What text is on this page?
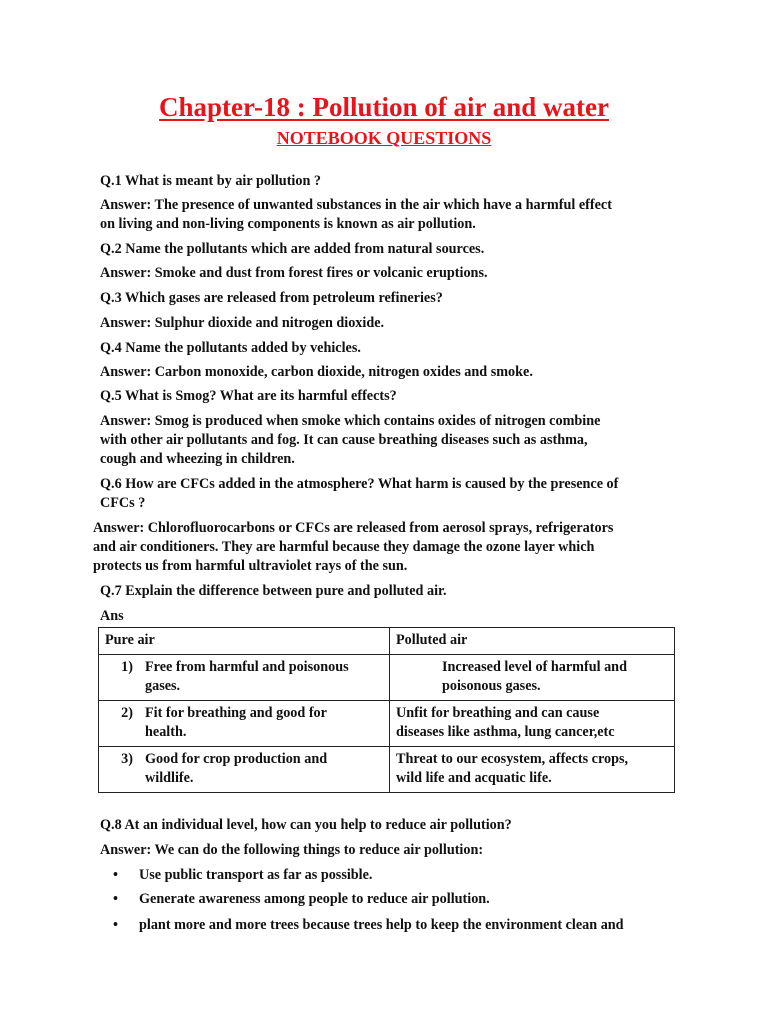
Chapter-18 : Pollution of air and water
NOTEBOOK QUESTIONS
Q.1 What is meant by air pollution ?
Answer: The presence of unwanted substances in the air which have a harmful effect
on living and non-living components is known as air pollution.
Q.2 Name the pollutants which are added from natural sources.
Answer: Smoke and dust from forest fires or volcanic eruptions.
Q.3 Which gases are released from petroleum refineries?
Answer: Sulphur dioxide and nitrogen dioxide.
Q.4 Name the pollutants added by vehicles.
Answer: Carbon monoxide, carbon dioxide, nitrogen oxides and smoke.
Q.5 What is Smog? What are its harmful effects?
Answer: Smog is produced when smoke which contains oxides of nitrogen combine
with other air pollutants and fog. It can cause breathing diseases such as asthma,
cough and wheezing in children.
Q.6 How are CFCs added in the atmosphere? What harm is caused by the presence of
CFCs ?
Answer: Chlorofluorocarbons or CFCs are released from aerosol sprays, refrigerators
and air conditioners. They are harmful because they damage the ozone layer which
protects us from harmful ultraviolet rays of the sun.
Q.7 Explain the difference between pure and polluted air.
Ans
Pure air	Polluted air

1) Free from harmful and poisonous
gases.	Increased level of harmful and
poisonous gases.

2) Fit for breathing and good for
health.	Unfit for breathing and can cause
diseases like asthma, lung cancer,etc

3) Good for crop production and
wildlife.	Threat to our ecosystem, affects crops,
wild life and acquatic life.
Q.8 At an individual level, how can you help to reduce air pollution?
Answer: We can do the following things to reduce air pollution:
• Use public transport as far as possible.
• Generate awareness among people to reduce air pollution.
• plant more and more trees because trees help to keep the environment clean and
